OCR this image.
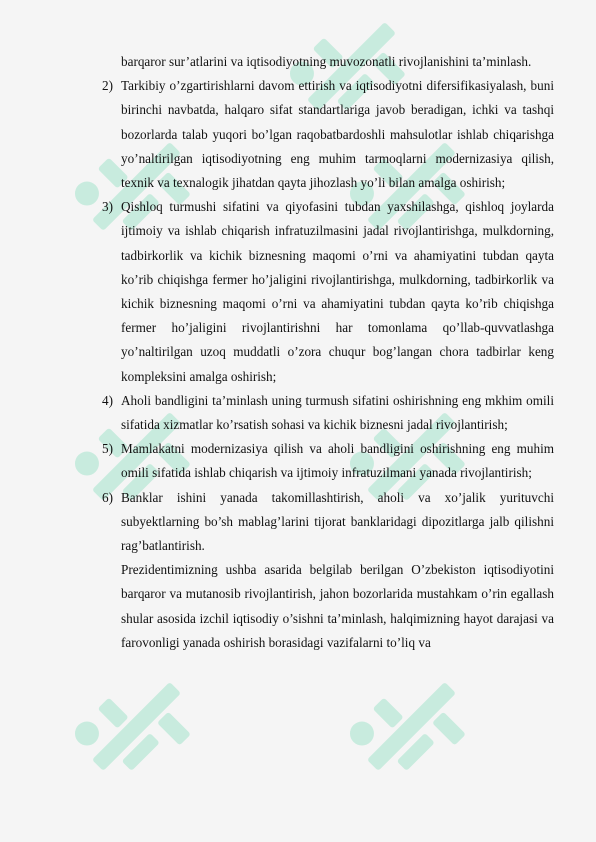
barqaror sur’atlarini va iqtisodiyotning muvozonatli rivojlanishini ta’minlash.
2) Tarkibiy o’zgartirishlarni davom ettirish va iqtisodiyotni difersifikasiyalash, buni birinchi navbatda, halqaro sifat standartlariga javob beradigan, ichki va tashqi bozorlarda talab yuqori bo’lgan raqobatbardoshli mahsulotlar ishlab chiqarishga yo’naltirilgan iqtisodiyotning eng muhim tarmoqlarni modernizasiya qilish, texnik va texnalogik jihatdan qayta jihozlash yo’li bilan amalga oshirish;
3) Qishloq turmushi sifatini va qiyofasini tubdan yaxshilashga, qishloq joylarda ijtimoiy va ishlab chiqarish infratuzilmasini jadal rivojlantirishga, mulkdorning, tadbirkorlik va kichik biznesning maqomi o’rni va ahamiyatini tubdan qayta ko’rib chiqishga fermer ho’jaligini rivojlantirishga, mulkdorning, tadbirkorlik va kichik biznesning maqomi o’rni va ahamiyatini tubdan qayta ko’rib chiqishga fermer ho’jaligini rivojlantirishni har tomonlama qo’llab-quvvatlashga yo’naltirilgan uzoq muddatli o’zora chuqur bog’langan chora tadbirlar keng kompleksini amalga oshirish;
4) Aholi bandligini ta’minlash uning turmush sifatini oshirishning eng mkhim omili sifatida xizmatlar ko’rsatish sohasi va kichik biznesni jadal rivojlantirish;
5) Mamlakatni modernizasiya qilish va aholi bandligini oshirishning eng muhim omili sifatida ishlab chiqarish va ijtimoiy infratuzilmani yanada rivojlantirish;
6) Banklar ishini yanada takomillashtirish, aholi va xo’jalik yurituvchi subyektlarning bo’sh mablag’larini tijorat banklaridagi dipozitlarga jalb qilishni rag’batlantirish.
Prezidentimizning ushba asarida belgilab berilgan O’zbekiston iqtisodiyotini barqaror va mutanosib rivojlantirish, jahon bozorlarida mustahkam o’rin egallash shular asosida izchil iqtisodiy o’sishni ta’minlash, halqimizning hayot darajasi va farovonligi yanada oshirish borasidagi vazifalarni to’liq va
